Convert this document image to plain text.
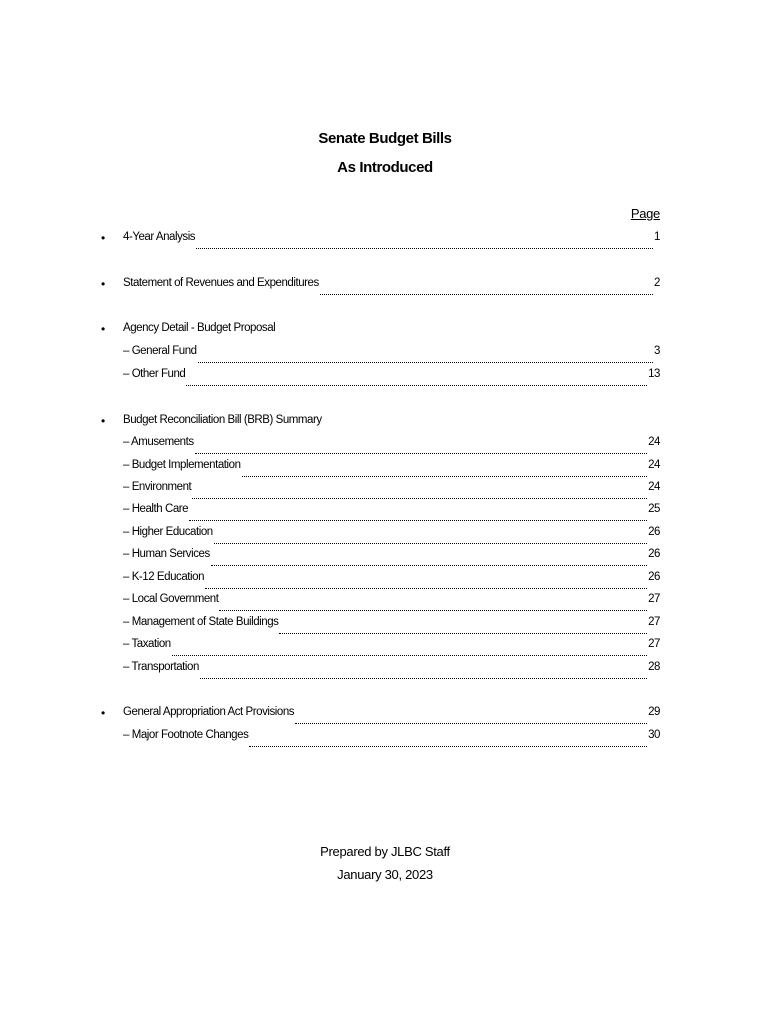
Senate Budget Bills
As Introduced
Page
• 4-Year Analysis	1
• Statement of Revenues and Expenditures	2
• Agency Detail - Budget Proposal
– General Fund	3
– Other Fund	13
• Budget Reconciliation Bill (BRB) Summary
– Amusements	24
– Budget Implementation	24
– Environment	24
– Health Care	25
– Higher Education	26
– Human Services	26
– K-12 Education	26
– Local Government	27
– Management of State Buildings	27
– Taxation	27
– Transportation	28
• General Appropriation Act Provisions	29
– Major Footnote Changes	30
Prepared by JLBC Staff
January 30, 2023
